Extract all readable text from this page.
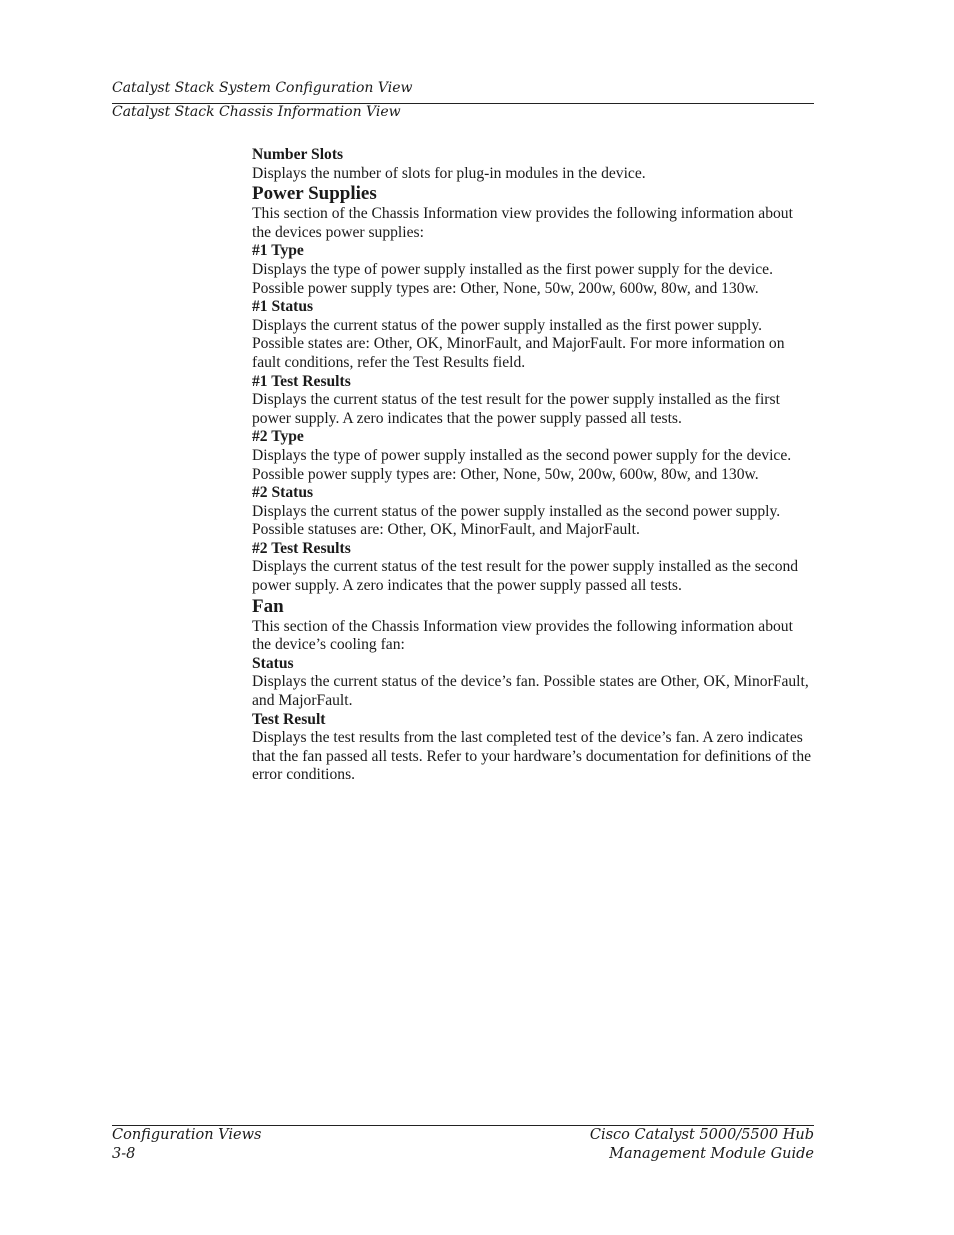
Catalyst Stack System Configuration View
Catalyst Stack Chassis Information View

Number Slots

Displays the number of slots for plug-in modules in the device.

Power Supplies

This section of the Chassis Information view provides the following information about the devices power supplies:

#1 Type

Displays the type of power supply installed as the first power supply for the device. Possible power supply types are: Other, None, 50w, 200w, 600w, 80w, and 130w.

#1 Status

Displays the current status of the power supply installed as the first power supply. Possible states are: Other, OK, MinorFault, and MajorFault. For more information on fault conditions, refer the Test Results field.

#1 Test Results

Displays the current status of the test result for the power supply installed as the first power supply. A zero indicates that the power supply passed all tests.

#2 Type

Displays the type of power supply installed as the second power supply for the device. Possible power supply types are: Other, None, 50w, 200w, 600w, 80w, and 130w.

#2 Status

Displays the current status of the power supply installed as the second power supply. Possible statuses are: Other, OK, MinorFault, and MajorFault.

#2 Test Results

Displays the current status of the test result for the power supply installed as the second power supply. A zero indicates that the power supply passed all tests.

Fan

This section of the Chassis Information view provides the following information about the device’s cooling fan:

Status

Displays the current status of the device’s fan. Possible states are Other, OK, MinorFault, and MajorFault.

Test Result

Displays the test results from the last completed test of the device’s fan. A zero indicates that the fan passed all tests. Refer to your hardware’s documentation for definitions of the error conditions.

Configuration Views
3-8
Cisco Catalyst 5000/5500 Hub
Management Module Guide
